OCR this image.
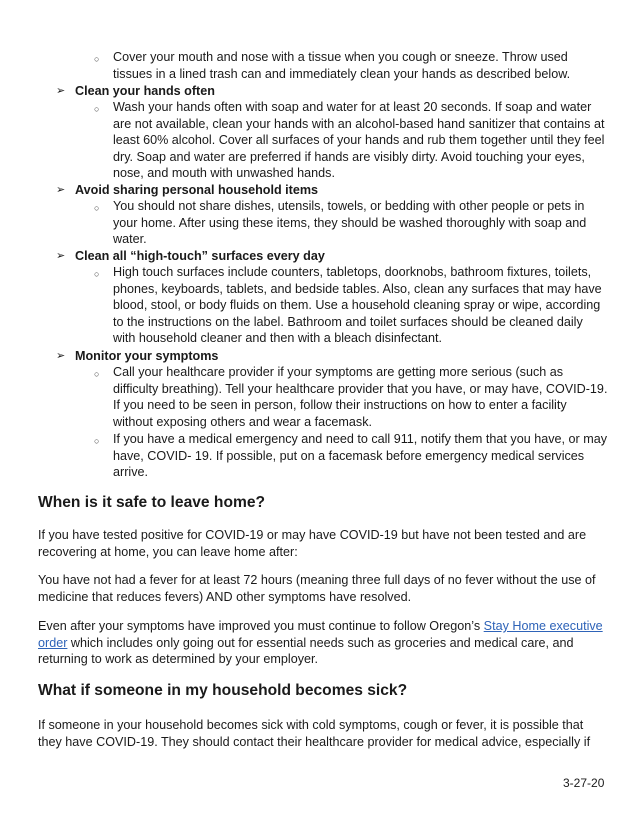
○ Cover your mouth and nose with a tissue when you cough or sneeze. Throw used tissues in a lined trash can and immediately clean your hands as described below.
➢ Clean your hands often
○ Wash your hands often with soap and water for at least 20 seconds. If soap and water are not available, clean your hands with an alcohol-based hand sanitizer that contains at least 60% alcohol. Cover all surfaces of your hands and rub them together until they feel dry. Soap and water are preferred if hands are visibly dirty. Avoid touching your eyes, nose, and mouth with unwashed hands.
➢ Avoid sharing personal household items
○ You should not share dishes, utensils, towels, or bedding with other people or pets in your home. After using these items, they should be washed thoroughly with soap and water.
➢ Clean all “high-touch” surfaces every day
○ High touch surfaces include counters, tabletops, doorknobs, bathroom fixtures, toilets, phones, keyboards, tablets, and bedside tables. Also, clean any surfaces that may have blood, stool, or body fluids on them. Use a household cleaning spray or wipe, according to the instructions on the label. Bathroom and toilet surfaces should be cleaned daily with household cleaner and then with a bleach disinfectant.
➢ Monitor your symptoms
○ Call your healthcare provider if your symptoms are getting more serious (such as difficulty breathing). Tell your healthcare provider that you have, or may have, COVID-19. If you need to be seen in person, follow their instructions on how to enter a facility without exposing others and wear a facemask.
○ If you have a medical emergency and need to call 911, notify them that you have, or may have, COVID- 19. If possible, put on a facemask before emergency medical services arrive.
When is it safe to leave home?
If you have tested positive for COVID-19 or may have COVID-19 but have not been tested and are recovering at home, you can leave home after:
You have not had a fever for at least 72 hours (meaning three full days of no fever without the use of medicine that reduces fevers) AND other symptoms have resolved.
Even after your symptoms have improved you must continue to follow Oregon’s Stay Home executive order which includes only going out for essential needs such as groceries and medical care, and returning to work as determined by your employer.
What if someone in my household becomes sick?
If someone in your household becomes sick with cold symptoms, cough or fever, it is possible that they have COVID-19. They should contact their healthcare provider for medical advice, especially if
3-27-20
